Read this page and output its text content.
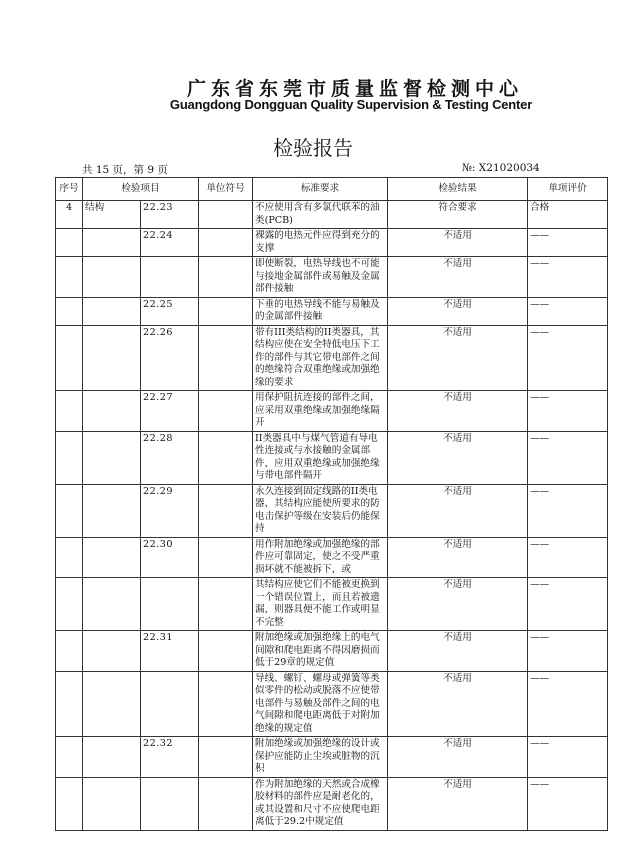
广东省东莞市质量监督检测中心
Guangdong Dongguan Quality Supervision & Testing Center
检验报告
共 15 页，第 9 页	№: X21020034
序号	检验项目		单位符号	标准要求	检验结果	单项评价
4	结构	22.23		不应使用含有多氯代联苯的油类(PCB)	符合要求	合格
		22.24		裸露的电热元件应得到充分的支撑	不适用	——
				即使断裂，电热导线也不可能与接地金属部件或易触及金属部件接触	不适用	——
		22.25		下垂的电热导线不能与易触及的金属部件接触	不适用	——
		22.26		带有III类结构的II类器具，其结构应使在安全特低电压下工作的部件与其它带电部件之间的绝缘符合双重绝缘或加强绝缘的要求	不适用	——
		22.27		用保护阻抗连接的部件之间，应采用双重绝缘或加强绝缘隔开	不适用	——
		22.28		II类器具中与煤气管道有导电性连接或与水接触的金属部件，应用双重绝缘或加强绝缘与带电部件隔开	不适用	——
		22.29		永久连接到固定线路的II类电器，其结构应能使所要求的防电击保护等级在安装后仍能保持	不适用	——
		22.30		用作附加绝缘或加强绝缘的部件应可靠固定，使之不受严重损坏就不能被拆下，或	不适用	——
				其结构应使它们不能被更换到一个错误位置上，而且若被遗漏，则器具便不能工作或明显不完整	不适用	——
		22.31		附加绝缘或加强绝缘上的电气间隙和爬电距离不得因磨损而低于29章的规定值	不适用	——
				导线、螺钉、螺母或弹簧等类似零件的松动或脱落不应使带电部件与易触及部件之间的电气间隙和爬电距离低于对附加绝缘的规定值	不适用	——
		22.32		附加绝缘或加强绝缘的设计或保护应能防止尘埃或脏物的沉积	不适用	——
				作为附加绝缘的天然或合成橡胶材料的部件应是耐老化的，或其设置和尺寸不应使爬电距离低于29.2中规定值	不适用	——
